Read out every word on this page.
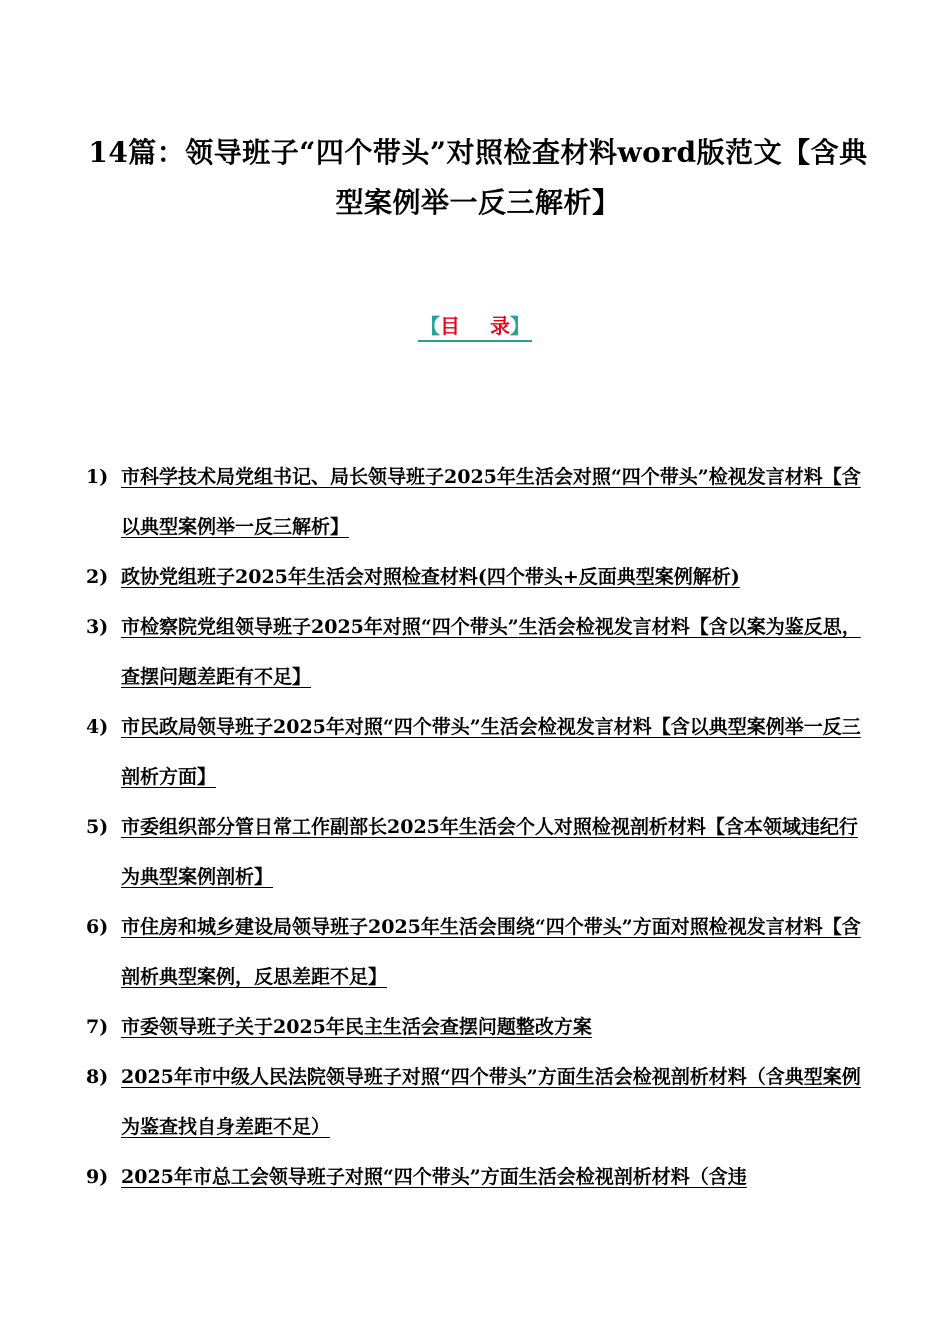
14篇：领导班子“四个带头”对照检查材料word版范文【含典型案例举一反三解析】
【目 录】
1) 市科学技术局党组书记、局长领导班子2025年生活会对照“四个带头”检视发言材料【含以典型案例举一反三解析】
2) 政协党组班子2025年生活会对照检查材料(四个带头+反面典型案例解析)
3) 市检察院党组领导班子2025年对照“四个带头”生活会检视发言材料【含以案为鉴反思，查摆问题差距有不足】
4) 市民政局领导班子2025年对照“四个带头”生活会检视发言材料【含以典型案例举一反三剖析方面】
5) 市委组织部分管日常工作副部长2025年生活会个人对照检视剖析材料【含本领域违纪行为典型案例剖析】
6) 市住房和城乡建设局领导班子2025年生活会围绕“四个带头”方面对照检视发言材料【含剖析典型案例，反思差距不足】
7) 市委领导班子关于2025年民主生活会查摆问题整改方案
8) 2025年市中级人民法院领导班子对照“四个带头”方面生活会检视剖析材料（含典型案例为鉴查找自身差距不足）
9) 2025年市总工会领导班子对照“四个带头”方面生活会检视剖析材料（含违
